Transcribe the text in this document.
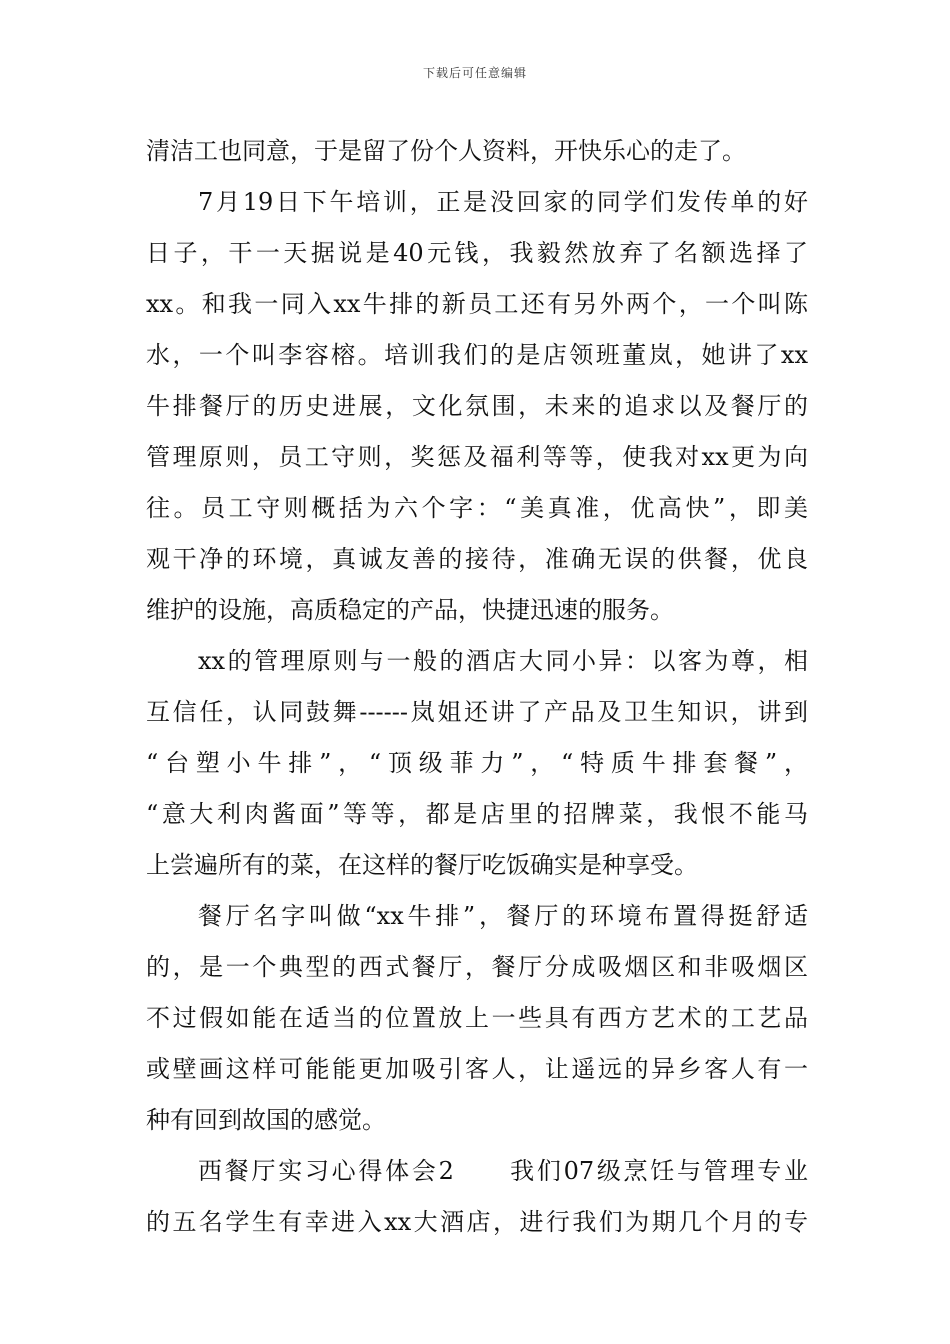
下载后可任意编辑
清洁工也同意，于是留了份个人资料，开快乐心的走了。
7月19日下午培训，正是没回家的同学们发传单的好
日子，干一天据说是40元钱，我毅然放弃了名额选择了
xx。和我一同入xx牛排的新员工还有另外两个，一个叫陈
水，一个叫李容榕。培训我们的是店领班董岚，她讲了xx
牛排餐厅的历史进展，文化氛围，未来的追求以及餐厅的
管理原则，员工守则，奖惩及福利等等，使我对xx更为向
往。员工守则概括为六个字：“美真准，优高快”，即美
观干净的环境，真诚友善的接待，准确无误的供餐，优良
维护的设施，高质稳定的产品，快捷迅速的服务。
xx的管理原则与一般的酒店大同小异：以客为尊，相
互信任，认同鼓舞------岚姐还讲了产品及卫生知识，讲到
“台塑小牛排”，“顶级菲力”，“特质牛排套餐”，
“意大利肉酱面”等等，都是店里的招牌菜，我恨不能马
上尝遍所有的菜，在这样的餐厅吃饭确实是种享受。
餐厅名字叫做“xx牛排”，餐厅的环境布置得挺舒适
的，是一个典型的西式餐厅，餐厅分成吸烟区和非吸烟区
不过假如能在适当的位置放上一些具有西方艺术的工艺品
或壁画这样可能能更加吸引客人，让遥远的异乡客人有一
种有回到故国的感觉。
西餐厅实习心得体会2　　我们07级烹饪与管理专业
的五名学生有幸进入xx大酒店，进行我们为期几个月的专
